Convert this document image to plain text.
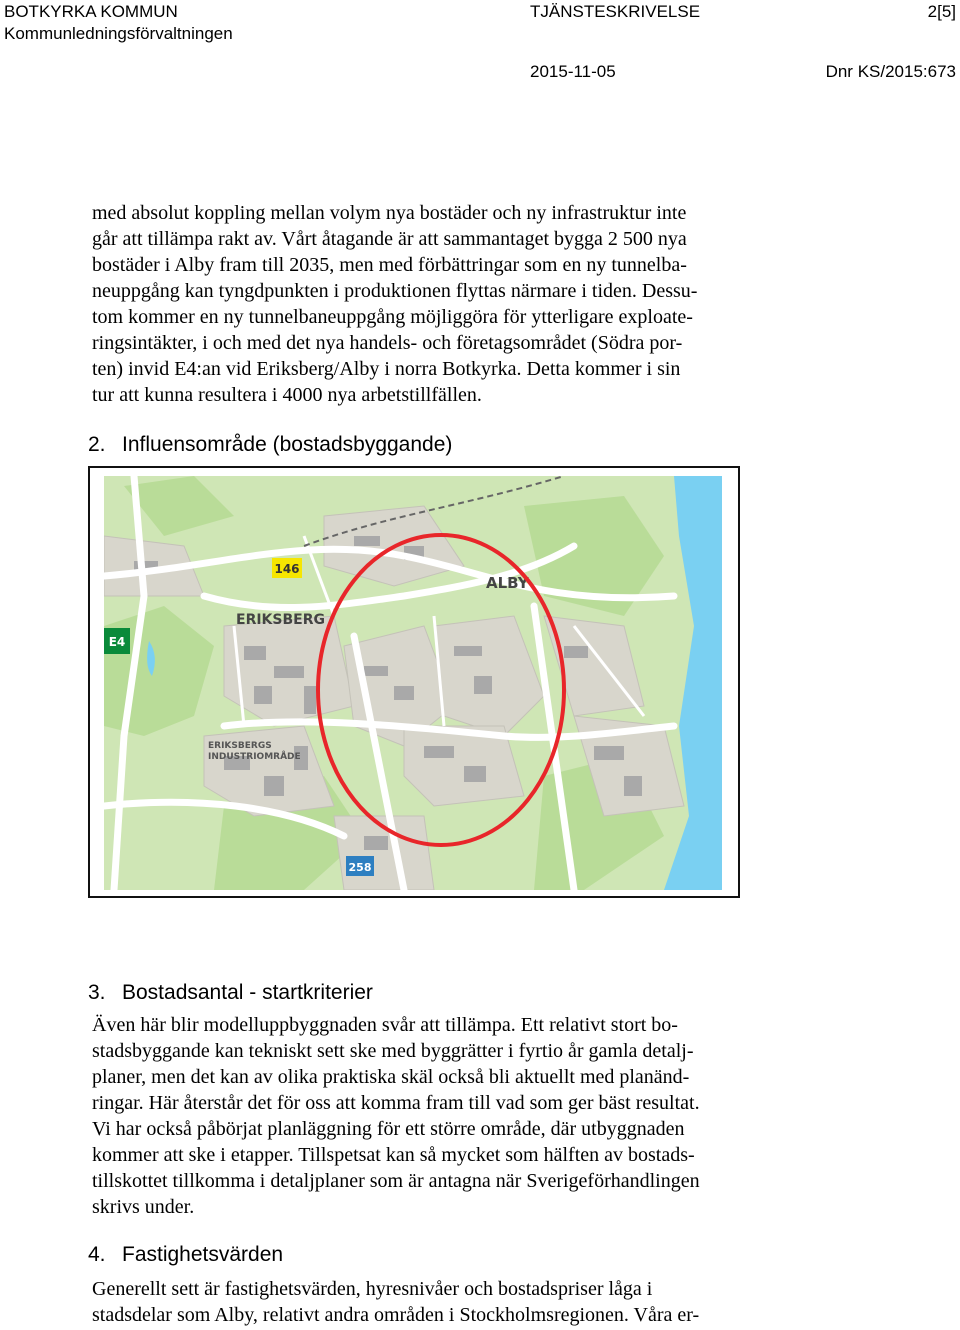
BOTKYRKA KOMMUN
Kommunledningsförvaltningen
TJÄNSTESKRIVELSE	2[5]
2015-11-05	Dnr KS/2015:673
med absolut koppling mellan volym nya bostäder och ny infrastruktur inte
går att tillämpa rakt av. Vårt åtagande är att sammantaget bygga 2 500 nya
bostäder i Alby fram till 2035, men med förbättringar som en ny tunnelba-
neuppgång kan tyngdpunkten i produktionen flyttas närmare i tiden. Dessu-
tom kommer en ny tunnelbaneuppgång möjliggöra för ytterligare exploate-
ringsintäkter, i och med det nya handels- och företagsområdet (Södra por-
ten) invid E4:an vid Eriksberg/Alby i norra Botkyrka. Detta kommer i sin
tur att kunna resultera i 4000 nya arbetstillfällen.
2. Influensområde (bostadsbyggande)
146
ALBY
E4
ERIKSBERG
ERIKSBERGS
INDUSTRIOMRÅDE
258
3. Bostadsantal - startkriterier
Även här blir modelluppbyggnaden svår att tillämpa. Ett relativt stort bo-
stadsbyggande kan tekniskt sett ske med byggrätter i fyrtio år gamla detalj-
planer, men det kan av olika praktiska skäl också bli aktuellt med planänd-
ringar. Här återstår det för oss att komma fram till vad som ger bäst resultat.
Vi har också påbörjat planläggning för ett större område, där utbyggnaden
kommer att ske i etapper. Tillspetsat kan så mycket som hälften av bostads-
tillskottet tillkomma i detaljplaner som är antagna när Sverigeförhandlingen
skrivs under.
4. Fastighetsvärden
Generellt sett är fastighetsvärden, hyresnivåer och bostadspriser låga i
stadsdelar som Alby, relativt andra områden i Stockholmsregionen. Våra er-
